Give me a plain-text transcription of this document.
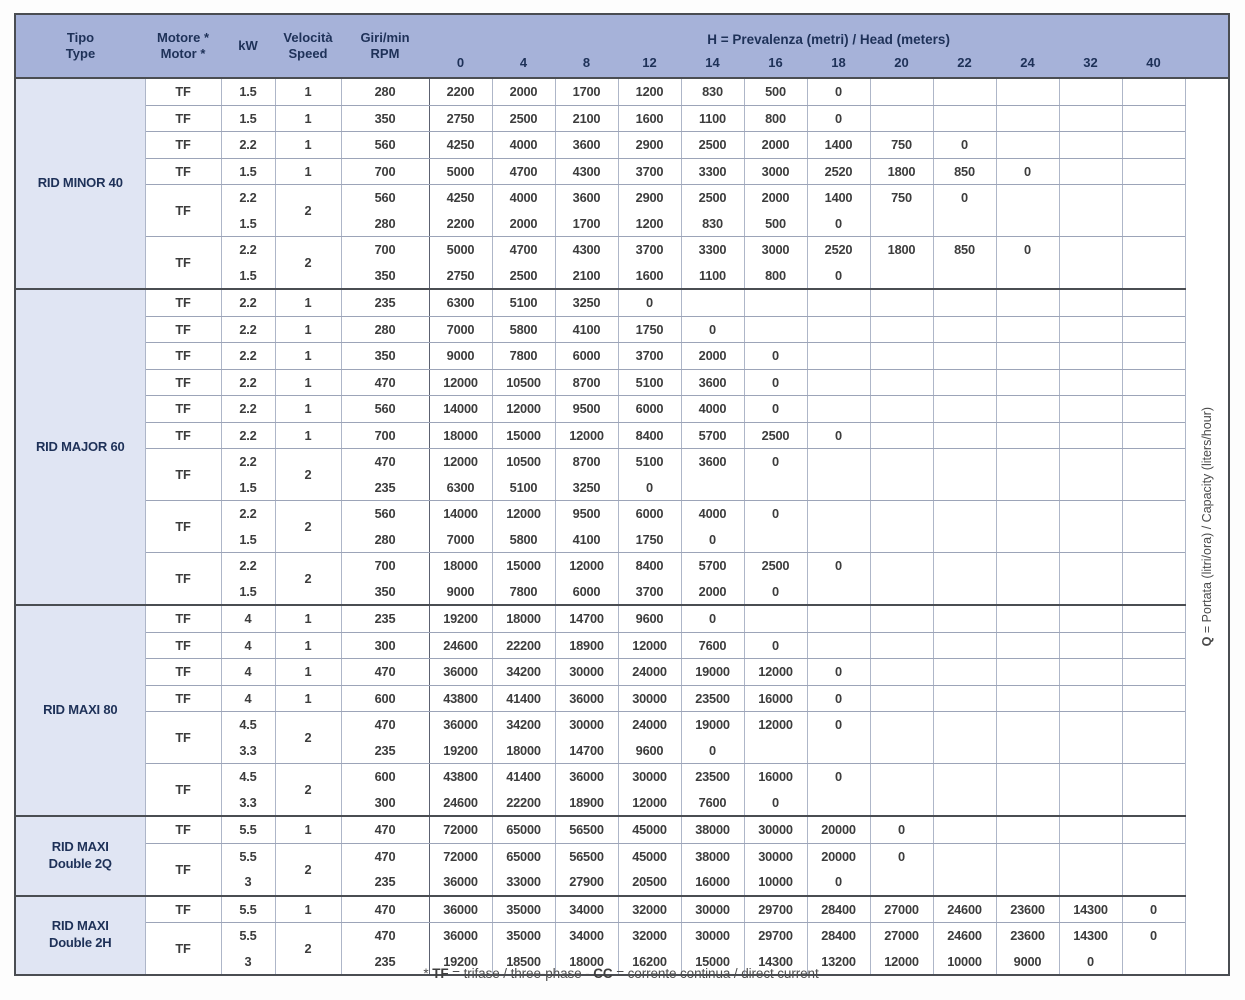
Tipo
Type

Motore *
Motor *

kW

Velocità
Speed

Giri/min
RPM
	H = Prevalenza (metri) / Head (meters)
					0	4	8	12	14	16	18	20	22	24	32	40	

RID MINOR 40	TF	1.5	1	280	2200	2000	1700	1200	830	500	0						Q = Portata (litri/ora) / Capacity (liters/hour)

	TF	1.5	1	350	2750	2500	2100	1600	1100	800	0						
	TF	2.2	1	560	4250	4000	3600	2900	2500	2000	1400	750	0				
	TF	1.5	1	700	5000	4700	4300	3700	3300	3000	2520	1800	850	0			
	TF	2.2	2	560	4250	4000	3600	2900	2500	2000	1400	750	0				
		1.5		280	2200	2000	1700	1200	830	500	0						
	TF	2.2	2	700	5000	4700	4300	3700	3300	3000	2520	1800	850	0			
		1.5		350	2750	2500	2100	1600	1100	800	0						

RID MAJOR 60	TF	2.2	1	235	6300	5100	3250	0									
	TF	2.2	1	280	7000	5800	4100	1750	0								
	TF	2.2	1	350	9000	7800	6000	3700	2000	0							
	TF	2.2	1	470	12000	10500	8700	5100	3600	0							
	TF	2.2	1	560	14000	12000	9500	6000	4000	0							
	TF	2.2	1	700	18000	15000	12000	8400	5700	2500	0						
	TF	2.2	2	470	12000	10500	8700	5100	3600	0							
		1.5		235	6300	5100	3250	0									
	TF	2.2	2	560	14000	12000	9500	6000	4000	0							
		1.5		280	7000	5800	4100	1750	0								
	TF	2.2	2	700	18000	15000	12000	8400	5700	2500	0						
		1.5		350	9000	7800	6000	3700	2000	0							

RID MAXI 80	TF	4	1	235	19200	18000	14700	9600	0								
	TF	4	1	300	24600	22200	18900	12000	7600	0							
	TF	4	1	470	36000	34200	30000	24000	19000	12000	0						
	TF	4	1	600	43800	41400	36000	30000	23500	16000	0						
	TF	4.5	2	470	36000	34200	30000	24000	19000	12000	0						
		3.3		235	19200	18000	14700	9600	0								
	TF	4.5	2	600	43800	41400	36000	30000	23500	16000	0						
		3.3		300	24600	22200	18900	12000	7600	0							

RID MAXI
Double 2Q	TF	5.5	1	470	72000	65000	56500	45000	38000	30000	20000	0					
	TF	5.5	2	470	72000	65000	56500	45000	38000	30000	20000	0					
		3		235	36000	33000	27900	20500	16000	10000	0						

RID MAXI
Double 2H	TF	5.5	1	470	36000	35000	34000	32000	30000	29700	28400	27000	24600	23600	14300	0	
	TF	5.5	2	470	36000	35000	34000	32000	30000	29700	28400	27000	24600	23600	14300	0	
		3		235	19200	18500	18000	16200	15000	14300	13200	12000	10000	9000	0		
* TF = trifase / three-phase - CC = corrente continua / direct current
